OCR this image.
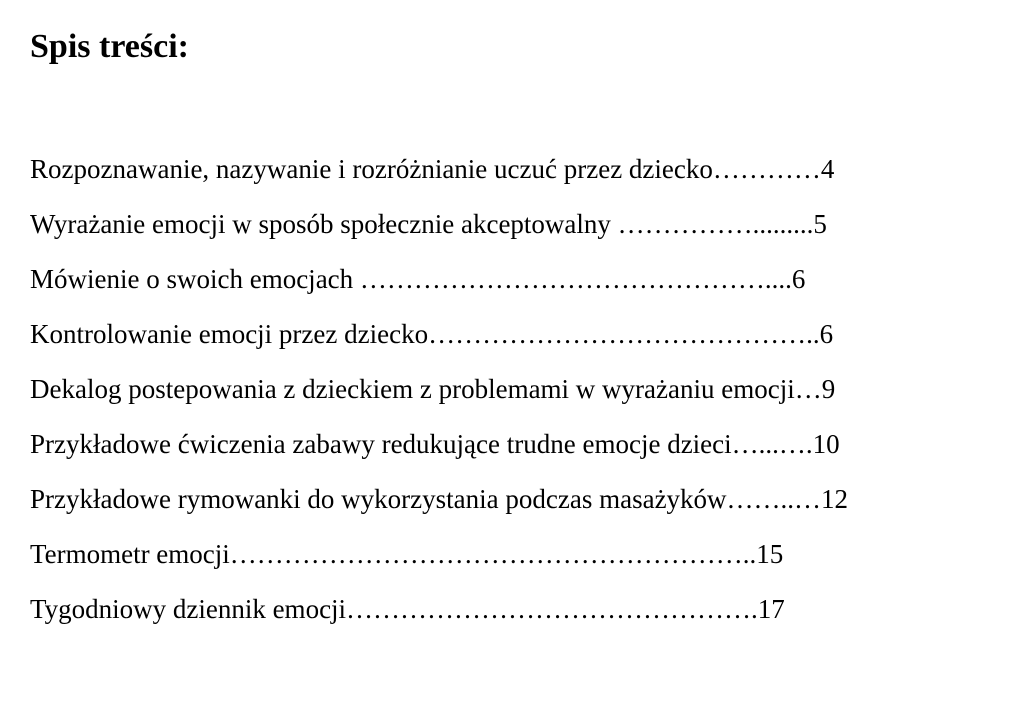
Spis treści:
Rozpoznawanie, nazywanie i rozróżnianie uczuć przez dziecko…………4
Wyrażanie emocji w sposób społecznie akceptowalny …………….........5
Mówienie o swoich emocjach ………………………………………....6
Kontrolowanie emocji przez dziecko……………………………………..6
Dekalog postepowania z dzieckiem z problemami w wyrażaniu emocji…9
Przykładowe ćwiczenia zabawy redukujące trudne emocje dzieci…...….10
Przykładowe rymowanki do wykorzystania podczas masażyków……..…12
Termometr emocji…………………………………………………..15
Tygodniowy dziennik emocji……………………………………….17
